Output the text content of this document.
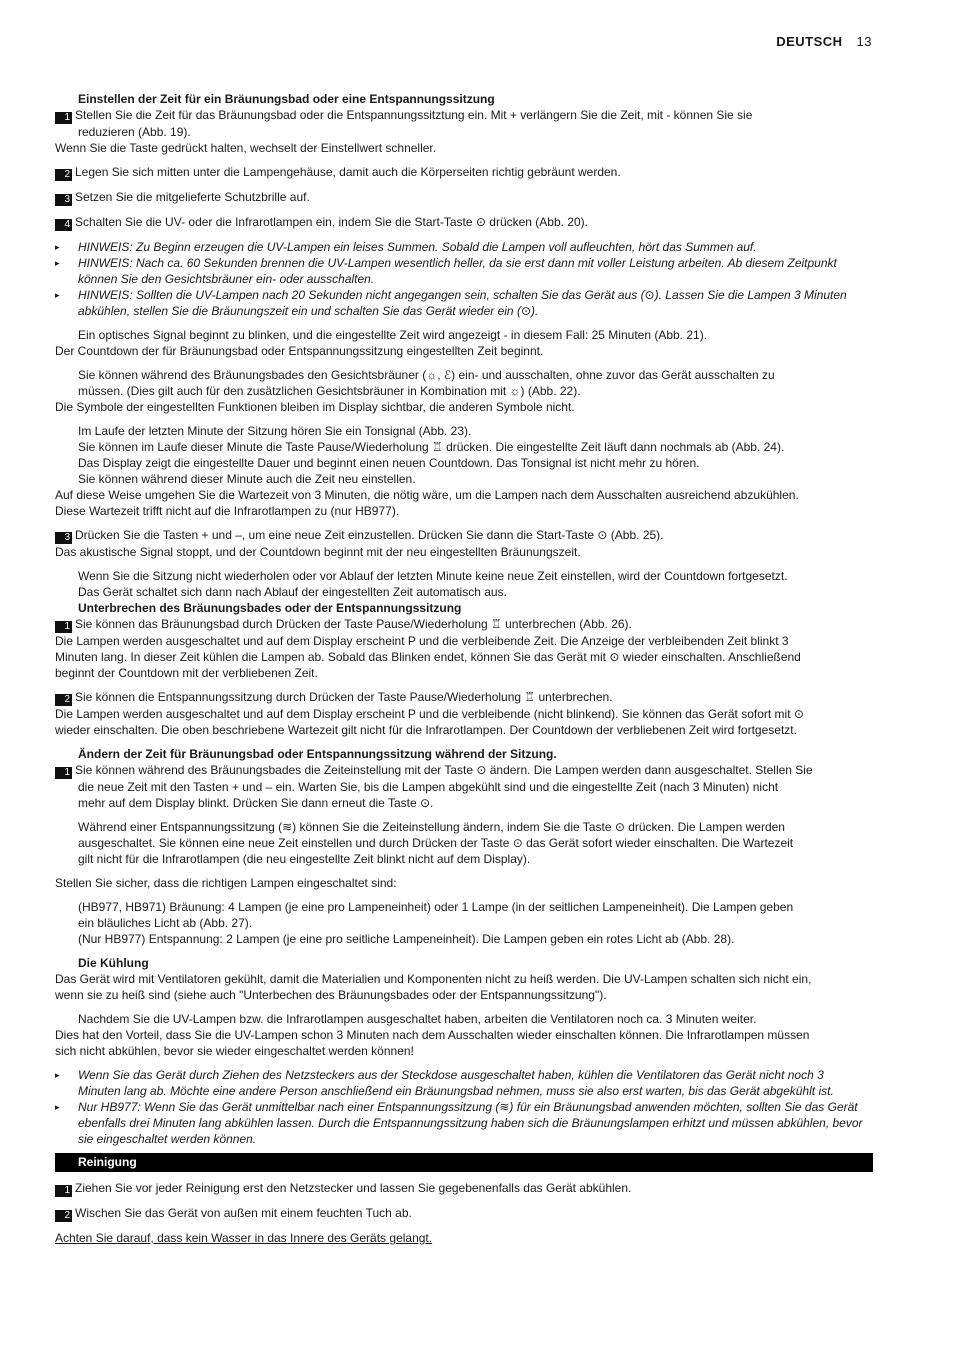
DEUTSCH 13
Einstellen der Zeit für ein Bräunungsbad oder eine Entspannungssitzung
1 Stellen Sie die Zeit für das Bräunungsbad oder die Entspannungssitztung ein. Mit + verlängern Sie die Zeit, mit - können Sie sie
reduzieren (Abb. 19).
Wenn Sie die Taste gedrückt halten, wechselt der Einstellwert schneller.
2 Legen Sie sich mitten unter die Lampengehäuse, damit auch die Körperseiten richtig gebräunt werden.
3 Setzen Sie die mitgelieferte Schutzbrille auf.
4 Schalten Sie die UV- oder die Infrarotlampen ein, indem Sie die Start-Taste ⊙ drücken (Abb. 20).
▸ HINWEIS: Zu Beginn erzeugen die UV-Lampen ein leises Summen. Sobald die Lampen voll aufleuchten, hört das Summen auf.
▸ HINWEIS: Nach ca. 60 Sekunden brennen die UV-Lampen wesentlich heller, da sie erst dann mit voller Leistung arbeiten. Ab diesem Zeitpunkt
können Sie den Gesichtsbräuner ein- oder ausschalten.
▸ HINWEIS: Sollten die UV-Lampen nach 20 Sekunden nicht angegangen sein, schalten Sie das Gerät aus (⊙). Lassen Sie die Lampen 3 Minuten
abkühlen, stellen Sie die Bräunungszeit ein und schalten Sie das Gerät wieder ein (⊙).
Ein optisches Signal beginnt zu blinken, und die eingestellte Zeit wird angezeigt - in diesem Fall: 25 Minuten (Abb. 21).
Der Countdown der für Bräunungsbad oder Entspannungssitzung eingestellten Zeit beginnt.
Sie können während des Bräunungsbades den Gesichtsbräuner (☼, ℰ) ein- und ausschalten, ohne zuvor das Gerät ausschalten zu
müssen. (Dies gilt auch für den zusätzlichen Gesichtsbräuner in Kombination mit ☼) (Abb. 22).
Die Symbole der eingestellten Funktionen bleiben im Display sichtbar, die anderen Symbole nicht.
Im Laufe der letzten Minute der Sitzung hören Sie ein Tonsignal (Abb. 23).
Sie können im Laufe dieser Minute die Taste Pause/Wiederholung ♖ drücken. Die eingestellte Zeit läuft dann nochmals ab (Abb. 24).
Das Display zeigt die eingestellte Dauer und beginnt einen neuen Countdown. Das Tonsignal ist nicht mehr zu hören.
Sie können während dieser Minute auch die Zeit neu einstellen.
Auf diese Weise umgehen Sie die Wartezeit von 3 Minuten, die nötig wäre, um die Lampen nach dem Ausschalten ausreichend abzukühlen.
Diese Wartezeit trifft nicht auf die Infrarotlampen zu (nur HB977).
3 Drücken Sie die Tasten + und –, um eine neue Zeit einzustellen. Drücken Sie dann die Start-Taste ⊙ (Abb. 25).
Das akustische Signal stoppt, und der Countdown beginnt mit der neu eingestellten Bräunungszeit.
Wenn Sie die Sitzung nicht wiederholen oder vor Ablauf der letzten Minute keine neue Zeit einstellen, wird der Countdown fortgesetzt.
Das Gerät schaltet sich dann nach Ablauf der eingestellten Zeit automatisch aus.
Unterbrechen des Bräunungsbades oder der Entspannungssitzung
1 Sie können das Bräunungsbad durch Drücken der Taste Pause/Wiederholung ♖ unterbrechen (Abb. 26).
Die Lampen werden ausgeschaltet und auf dem Display erscheint P und die verbleibende Zeit. Die Anzeige der verbleibenden Zeit blinkt 3
Minuten lang. In dieser Zeit kühlen die Lampen ab. Sobald das Blinken endet, können Sie das Gerät mit ⊙ wieder einschalten. Anschließend
beginnt der Countdown mit der verbliebenen Zeit.
2 Sie können die Entspannungssitzung durch Drücken der Taste Pause/Wiederholung ♖ unterbrechen.
Die Lampen werden ausgeschaltet und auf dem Display erscheint P und die verbleibende (nicht blinkend). Sie können das Gerät sofort mit ⊙
wieder einschalten. Die oben beschriebene Wartezeit gilt nicht für die Infrarotlampen. Der Countdown der verbliebenen Zeit wird fortgesetzt.
Ändern der Zeit für Bräunungsbad oder Entspannungssitzung während der Sitzung.
1 Sie können während des Bräunungsbades die Zeiteinstellung mit der Taste ⊙ ändern. Die Lampen werden dann ausgeschaltet. Stellen Sie
die neue Zeit mit den Tasten + und – ein. Warten Sie, bis die Lampen abgekühlt sind und die eingestellte Zeit (nach 3 Minuten) nicht
mehr auf dem Display blinkt. Drücken Sie dann erneut die Taste ⊙.
Während einer Entspannungssitzung (≋) können Sie die Zeiteinstellung ändern, indem Sie die Taste ⊙ drücken. Die Lampen werden
ausgeschaltet. Sie können eine neue Zeit einstellen und durch Drücken der Taste ⊙ das Gerät sofort wieder einschalten. Die Wartezeit
gilt nicht für die Infrarotlampen (die neu eingestellte Zeit blinkt nicht auf dem Display).
Stellen Sie sicher, dass die richtigen Lampen eingeschaltet sind:
(HB977, HB971) Bräunung: 4 Lampen (je eine pro Lampeneinheit) oder 1 Lampe (in der seitlichen Lampeneinheit). Die Lampen geben
ein bläuliches Licht ab (Abb. 27).
(Nur HB977) Entspannung: 2 Lampen (je eine pro seitliche Lampeneinheit). Die Lampen geben ein rotes Licht ab (Abb. 28).
Die Kühlung
Das Gerät wird mit Ventilatoren gekühlt, damit die Materialien und Komponenten nicht zu heiß werden. Die UV-Lampen schalten sich nicht ein,
wenn sie zu heiß sind (siehe auch "Unterbechen des Bräunungsbades oder der Entspannungssitzung").
Nachdem Sie die UV-Lampen bzw. die Infrarotlampen ausgeschaltet haben, arbeiten die Ventilatoren noch ca. 3 Minuten weiter.
Dies hat den Vorteil, dass Sie die UV-Lampen schon 3 Minuten nach dem Ausschalten wieder einschalten können. Die Infrarotlampen müssen
sich nicht abkühlen, bevor sie wieder eingeschaltet werden können!
▸ Wenn Sie das Gerät durch Ziehen des Netzsteckers aus der Steckdose ausgeschaltet haben, kühlen die Ventilatoren das Gerät nicht noch 3
Minuten lang ab. Möchte eine andere Person anschließend ein Bräunungsbad nehmen, muss sie also erst warten, bis das Gerät abgekühlt ist.
▸ Nur HB977: Wenn Sie das Gerät unmittelbar nach einer Entspannungssitzung (≋) für ein Bräunungsbad anwenden möchten, sollten Sie das Gerät
ebenfalls drei Minuten lang abkühlen lassen. Durch die Entspannungssitzung haben sich die Bräunungslampen erhitzt und müssen abkühlen, bevor
sie eingeschaltet werden können.
Reinigung
1 Ziehen Sie vor jeder Reinigung erst den Netzstecker und lassen Sie gegebenenfalls das Gerät abkühlen.
2 Wischen Sie das Gerät von außen mit einem feuchten Tuch ab.
Achten Sie darauf, dass kein Wasser in das Innere des Geräts gelangt.
